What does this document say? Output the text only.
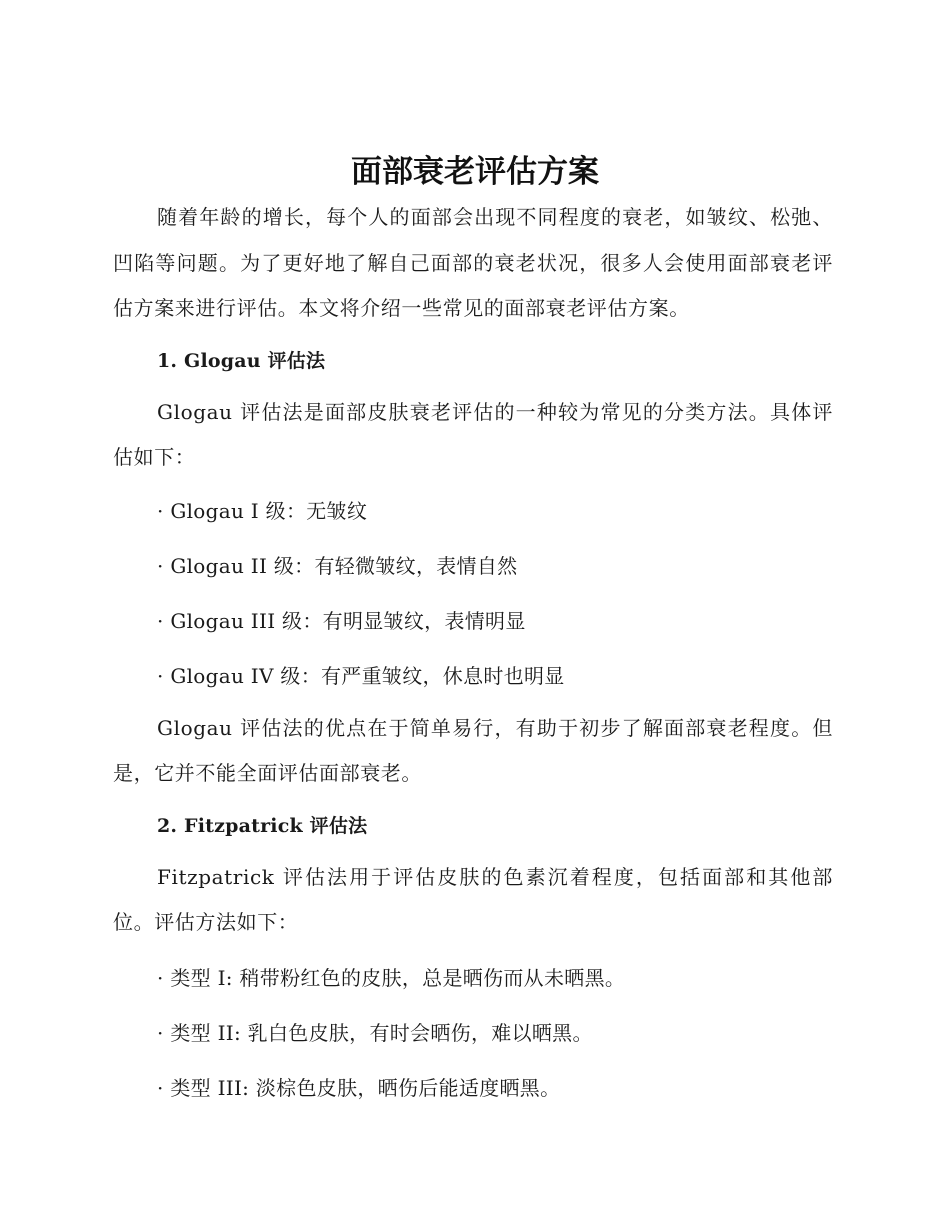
面部衰老评估方案

随着年龄的增长，每个人的面部会出现不同程度的衰老，如皱纹、松弛、凹陷等问题。为了更好地了解自己面部的衰老状况，很多人会使用面部衰老评估方案来进行评估。本文将介绍一些常见的面部衰老评估方案。

1. Glogau 评估法

Glogau 评估法是面部皮肤衰老评估的一种较为常见的分类方法。具体评估如下：

· Glogau I 级：无皱纹
· Glogau II 级：有轻微皱纹，表情自然
· Glogau III 级：有明显皱纹，表情明显
· Glogau IV 级：有严重皱纹，休息时也明显

Glogau 评估法的优点在于简单易行，有助于初步了解面部衰老程度。但是，它并不能全面评估面部衰老。

2. Fitzpatrick 评估法

Fitzpatrick 评估法用于评估皮肤的色素沉着程度，包括面部和其他部位。评估方法如下：

· 类型 I: 稍带粉红色的皮肤，总是晒伤而从未晒黑。
· 类型 II: 乳白色皮肤，有时会晒伤，难以晒黑。
· 类型 III: 淡棕色皮肤，晒伤后能适度晒黑。
